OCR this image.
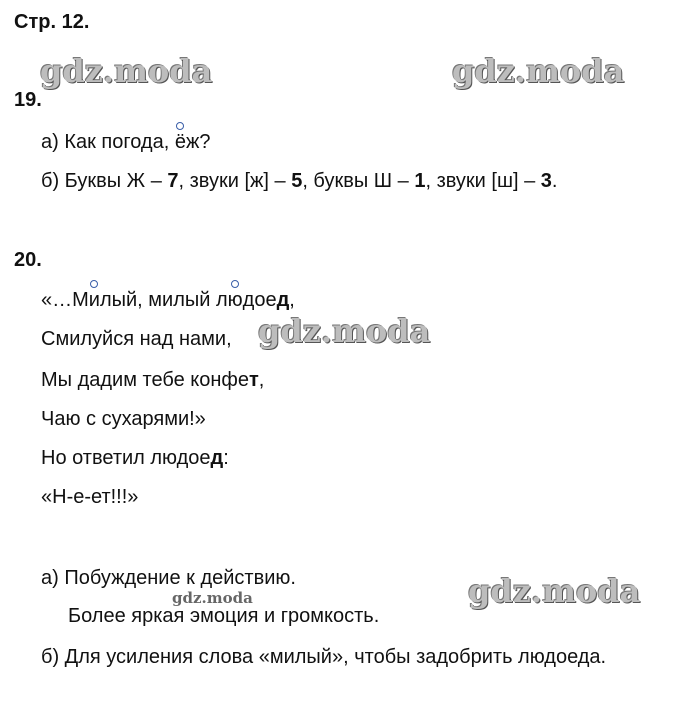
Стр. 12.
gdz.moda	gdz.moda
19.
а) Как погода, ёж?
б) Буквы Ж – 7, звуки [ж] – 5, буквы Ш – 1, звуки [ш] – 3.
20.
«…Милый, милый людоед,
Смилуйся над нами, gdz.moda
Мы дадим тебе конфет,
Чаю с сухарями!»
Но ответил людоед:
«Н-е-ет!!!»
а) Побуждение к действию.
gdz.moda	gdz.moda
Более яркая эмоция и громкость.
б) Для усиления слова «милый», чтобы задобрить людоеда.
